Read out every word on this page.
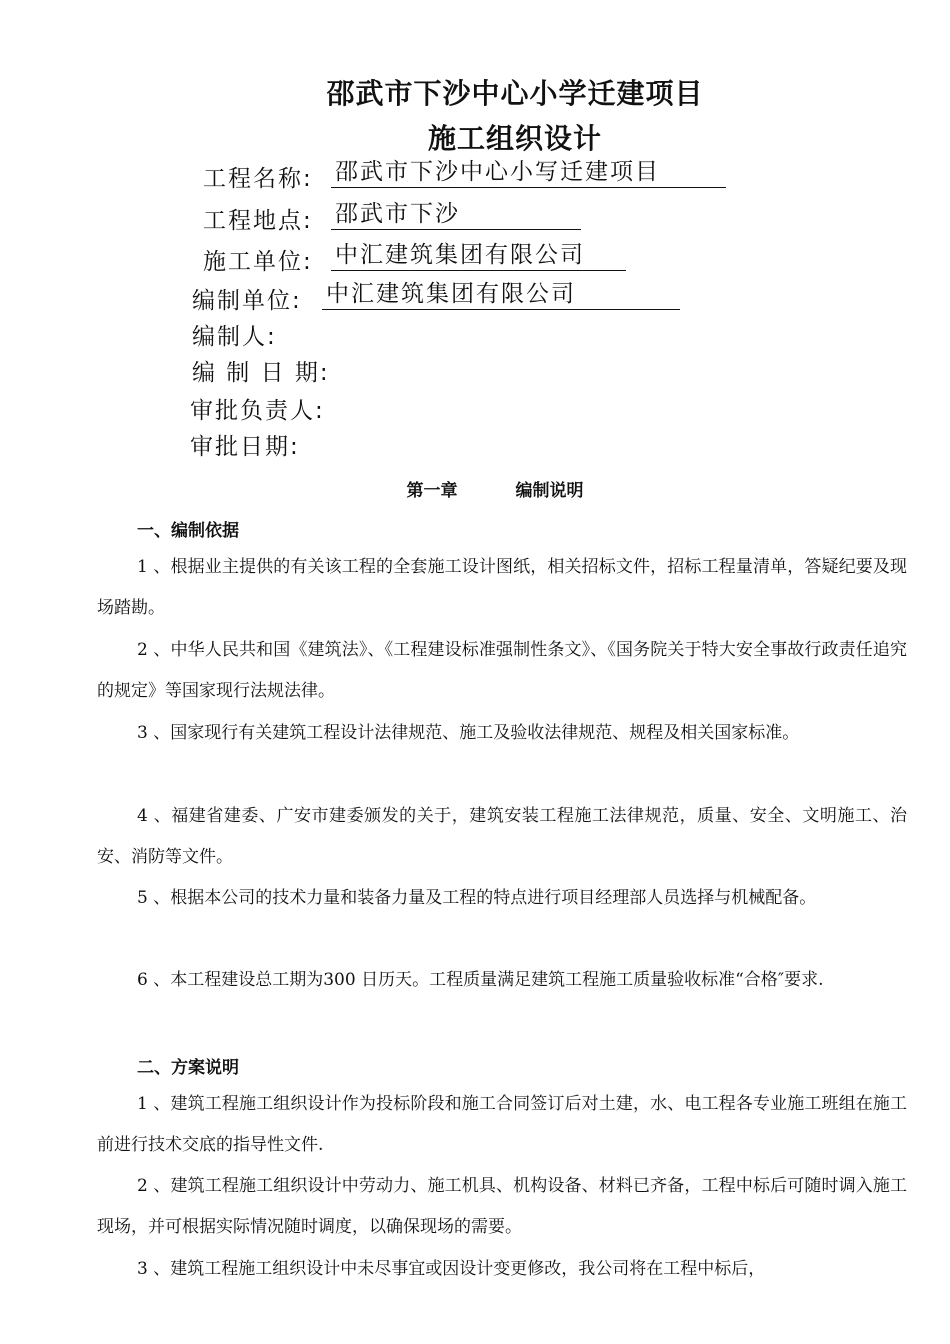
邵武市下沙中心小学迁建项目
施工组织设计
工程名称: 邵武市下沙中心小写迁建项目
工程地点: 邵武市下沙
施工单位: 中汇建筑集团有限公司
编制单位: 中汇建筑集团有限公司
编制人:
编 制 日 期:
审批负责人:
审批日期:
第一章	编制说明
一、编制依据

1 、根据业主提供的有关该工程的全套施工设计图纸，相关招标文件，招标工程量清单，答疑纪要及现场踏勘。

2 、中华人民共和国《建筑法》、《工程建设标准强制性条文》、《国务院关于特大安全事故行政责任追究的规定》等国家现行法规法律。

3 、国家现行有关建筑工程设计法律规范、施工及验收法律规范、规程及相关国家标准。

4 、福建省建委、广安市建委颁发的关于，建筑安装工程施工法律规范，质量、安全、文明施工、治安、消防等文件。

5 、根据本公司的技术力量和装备力量及工程的特点进行项目经理部人员选择与机械配备。

6 、本工程建设总工期为300 日历天。工程质量满足建筑工程施工质量验收标准“合格″要求.

二、方案说明

1 、建筑工程施工组织设计作为投标阶段和施工合同签订后对土建，水、电工程各专业施工班组在施工前进行技术交底的指导性文件.

2 、建筑工程施工组织设计中劳动力、施工机具、机构设备、材料已齐备，工程中标后可随时调入施工现场，并可根据实际情况随时调度，以确保现场的需要。

3 、建筑工程施工组织设计中未尽事宜或因设计变更修改，我公司将在工程中标后，
